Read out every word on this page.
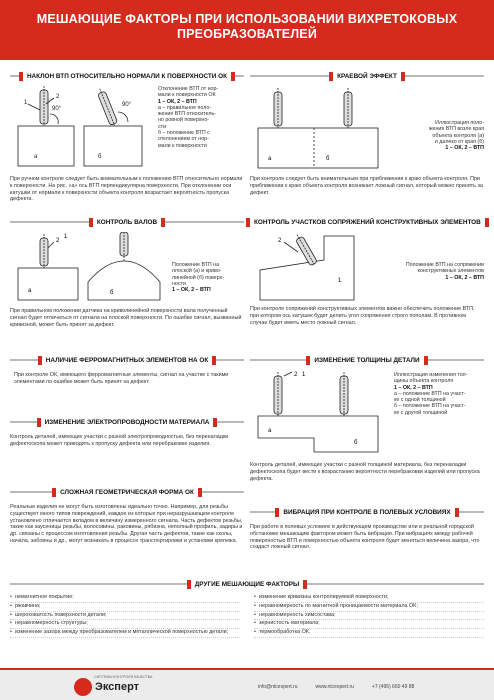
МЕШАЮЩИЕ ФАКТОРЫ ПРИ ИСПОЛЬЗОВАНИИ ВИХРЕТОКОВЫХ ПРЕОБРАЗОВАТЕЛЕЙ
НАКЛОН ВТП ОТНОСИТЕЛЬНО НОРМАЛИ К ПОВЕРХНОСТИ ОК
90°
90°
1
2
а	б
Отклонение ВТП от нор-
мали к поверхности ОК
1 – ОК, 2 – ВТП
а – правильное поло-
жение ВТП относитель-
но ровной поверхно-
сти
б – положение ВТП с
отклонением от нор-
мали к поверхности
При ручном контроле следует быть внимательным к положению ВТП относительно нормали к поверхности. На рис. «а» ось ВТП перпендикулярна поверхности. При отклонении оси катушки от нормали к поверхности объекта контроля возрастает вероятность пропуска дефекта.
КОНТРОЛЬ ВАЛОВ
2
1
а	б
Положение ВТП на
плоской (а) и криво-
линейной (б) поверх-
ности
1 – ОК, 2 – ВТП
При правильном положении датчика на криволинейной поверхности вала полученный сигнал будет отличаться от сигнала на плоской поверхности. По ошибке сигнал, вызванный кривизной, может быть принят за дефект.
НАЛИЧИЕ ФЕРРОМАГНИТНЫХ ЭЛЕМЕНТОВ НА ОК
При контроле ОК, имеющего ферромагнитные элементы, сигнал на участке с такими элементами по ошибке может быть принят за дефект.
ИЗМЕНЕНИЕ ЭЛЕКТРОПРОВОДНОСТИ МАТЕРИАЛА
Контроль деталей, имеющих участки с разной электропроводностью, без переналадки дефектоскопа может приводить к пропуску дефекта или перебраковке изделия.
СЛОЖНАЯ ГЕОМЕТРИЧЕСКАЯ ФОРМА ОК
Реальные изделия не могут быть изготовлены идеально точно. Например, для резьбы существует много типов повреждений, каждое из которых при неразрушающем контроле установлено отличается вкладом в величину измеренного сигнала. Часть дефектов резьбы, такие как заусеницы резьбы, волосовины, раковины, рябизна, неполный профиль, задиры и др. связаны с процессом изготовления резьбы. Другая часть дефектов, такие как сколы, начала, забоины и др., могут возникать в процессе транспортировки и установки крепежа.
КРАЕВОЙ ЭФФЕКТ
а	б
Иллюстрация поло-
жения ВТП возле края
объекта контроля (а)
и далеко от края (б)
1 – ОК, 2 – ВТП
При контроле следует быть внимательным при приближении к краю объекта контроля. При приближении к краю объекта контроля возникает ложный сигнал, который можно принять за дефект.
КОНТРОЛЬ УЧАСТКОВ СОПРЯЖЕНИЙ КОНСТРУКТИВНЫХ ЭЛЕМЕНТОВ
2
1
Положение ВТП на сопряжении
конструктивных элементов
1 – ОК, 2 – ВТП
При контроле сопряжений конструктивных элементов важно обеспечить положение ВТП, при котором ось катушек будет делить угол сопряжения строго пополам. В противном случае будет иметь место ложный сигнал.
ИЗМЕНЕНИЕ ТОЛЩИНЫ ДЕТАЛИ
2 1
а
б
Иллюстрация изменения тол-
щины объекта контроля
1 – ОК, 2 – ВТП
а – положение ВТП на участ-
ке с одной толщиной
б – положение ВТП на участ-
ке с другой толщиной
Контроль деталей, имеющих участки с разной толщиной материала, без переналадки дефектоскопа будет вести к возрастанию вероятности перебраковки изделий или пропуска дефекта.
ВИБРАЦИЯ ПРИ КОНТРОЛЕ В ПОЛЕВЫХ УСЛОВИЯХ
При работе в полевых условиях в действующем производстве или в реальной городской обстановке мешающим фактором может быть вибрация. При вибрациях между рабочей поверхностью ВТП и поверхностью объекта контроля будет меняться величина зазора, что создаст ложный сигнал.
ДРУГИЕ МЕШАЮЩИЕ ФАКТОРЫ
• немагнитное покрытие;
• ржавчина;
• шероховатость поверхности детали;
• неравномерность структуры;
• изменение зазора между преобразователем и металлической поверхностью детали;
• изменение кривизны контролируемой поверхности;
• неравномерность по магнитной проницаемости материала ОК;
• неравномерность химсостава;
• зернистость материала;
• термообработка ОК.
Эксперт
СИСТЕМЫ КОНТРОЛЯ КАЧЕСТВА
info@ntcexpert.ru	www.ntcexpert.ru	+7 (495) 660 49 88
